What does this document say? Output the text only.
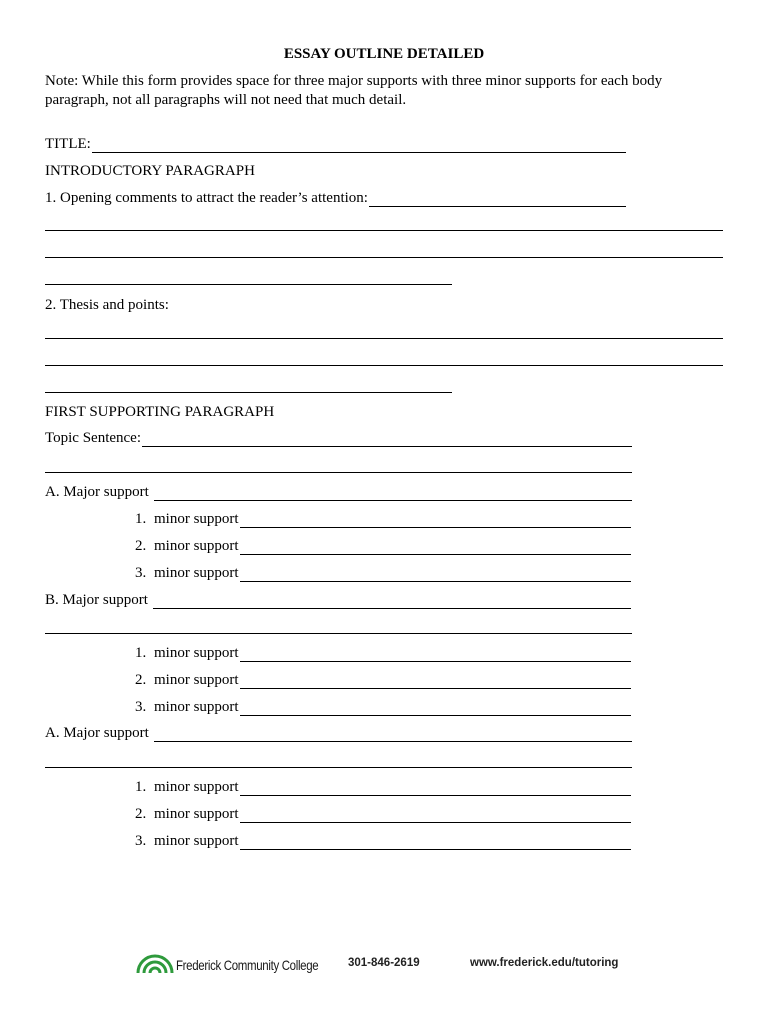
ESSAY OUTLINE DETAILED
Note: While this form provides space for three major supports with three minor supports for each body paragraph, not all paragraphs will not need that much detail.
TITLE:
INTRODUCTORY PARAGRAPH
1. Opening comments to attract the reader’s attention:
2. Thesis and points:
FIRST SUPPORTING PARAGRAPH
Topic Sentence:
A. Major support
1. minor support
2. minor support
3. minor support
B. Major support
1. minor support
2. minor support
3. minor support
A. Major support
1. minor support
2. minor support
3. minor support
Frederick Community College	301-846-2619	www.frederick.edu/tutoring
